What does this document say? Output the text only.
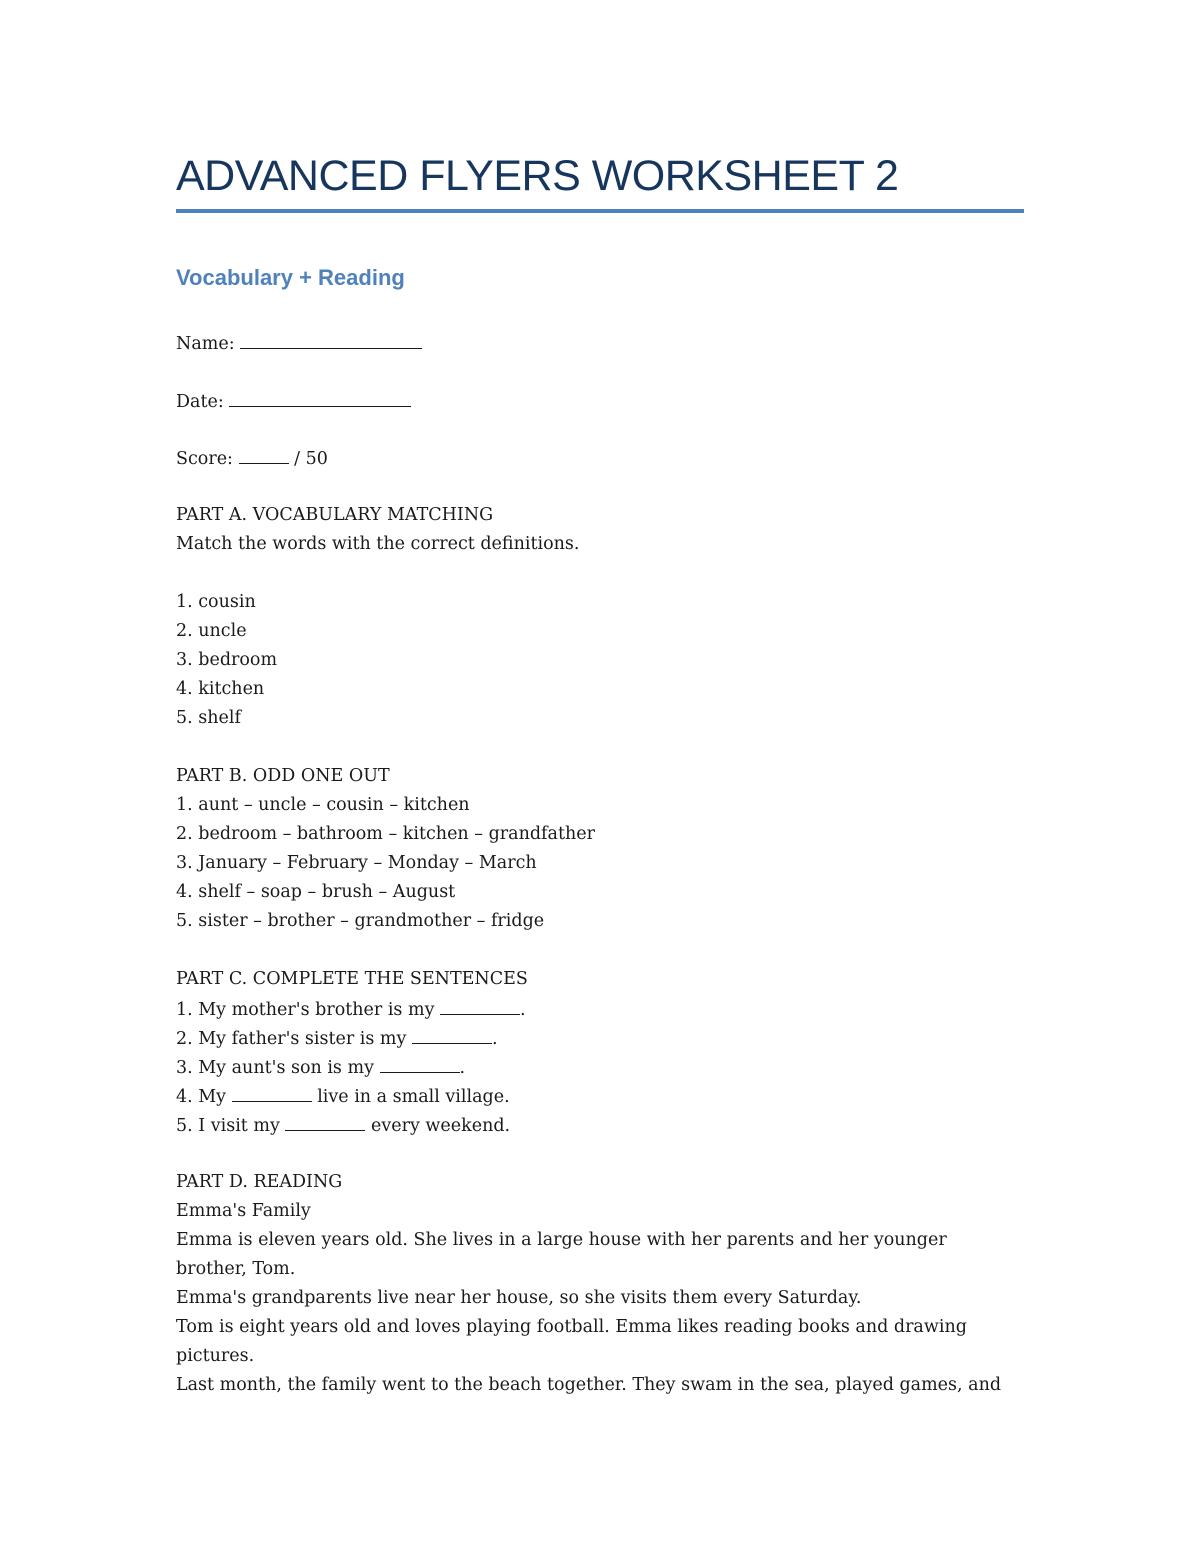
ADVANCED FLYERS WORKSHEET 2
Vocabulary + Reading
Name:
Date:
Score:	/ 50
PART A. VOCABULARY MATCHING
Match the words with the correct definitions.
1. cousin
2. uncle
3. bedroom
4. kitchen
5. shelf
PART B. ODD ONE OUT
1. aunt – uncle – cousin – kitchen
2. bedroom – bathroom – kitchen – grandfather
3. January – February – Monday – March
4. shelf – soap – brush – August
5. sister – brother – grandmother – fridge
PART C. COMPLETE THE SENTENCES
1. My mother's brother is my	.
2. My father's sister is my	.
3. My aunt's son is my	.
4. My	live in a small village.
5. I visit my	every weekend.
PART D. READING
Emma's Family
Emma is eleven years old. She lives in a large house with her parents and her younger
brother, Tom.
Emma's grandparents live near her house, so she visits them every Saturday.
Tom is eight years old and loves playing football. Emma likes reading books and drawing
pictures.
Last month, the family went to the beach together. They swam in the sea, played games, and
